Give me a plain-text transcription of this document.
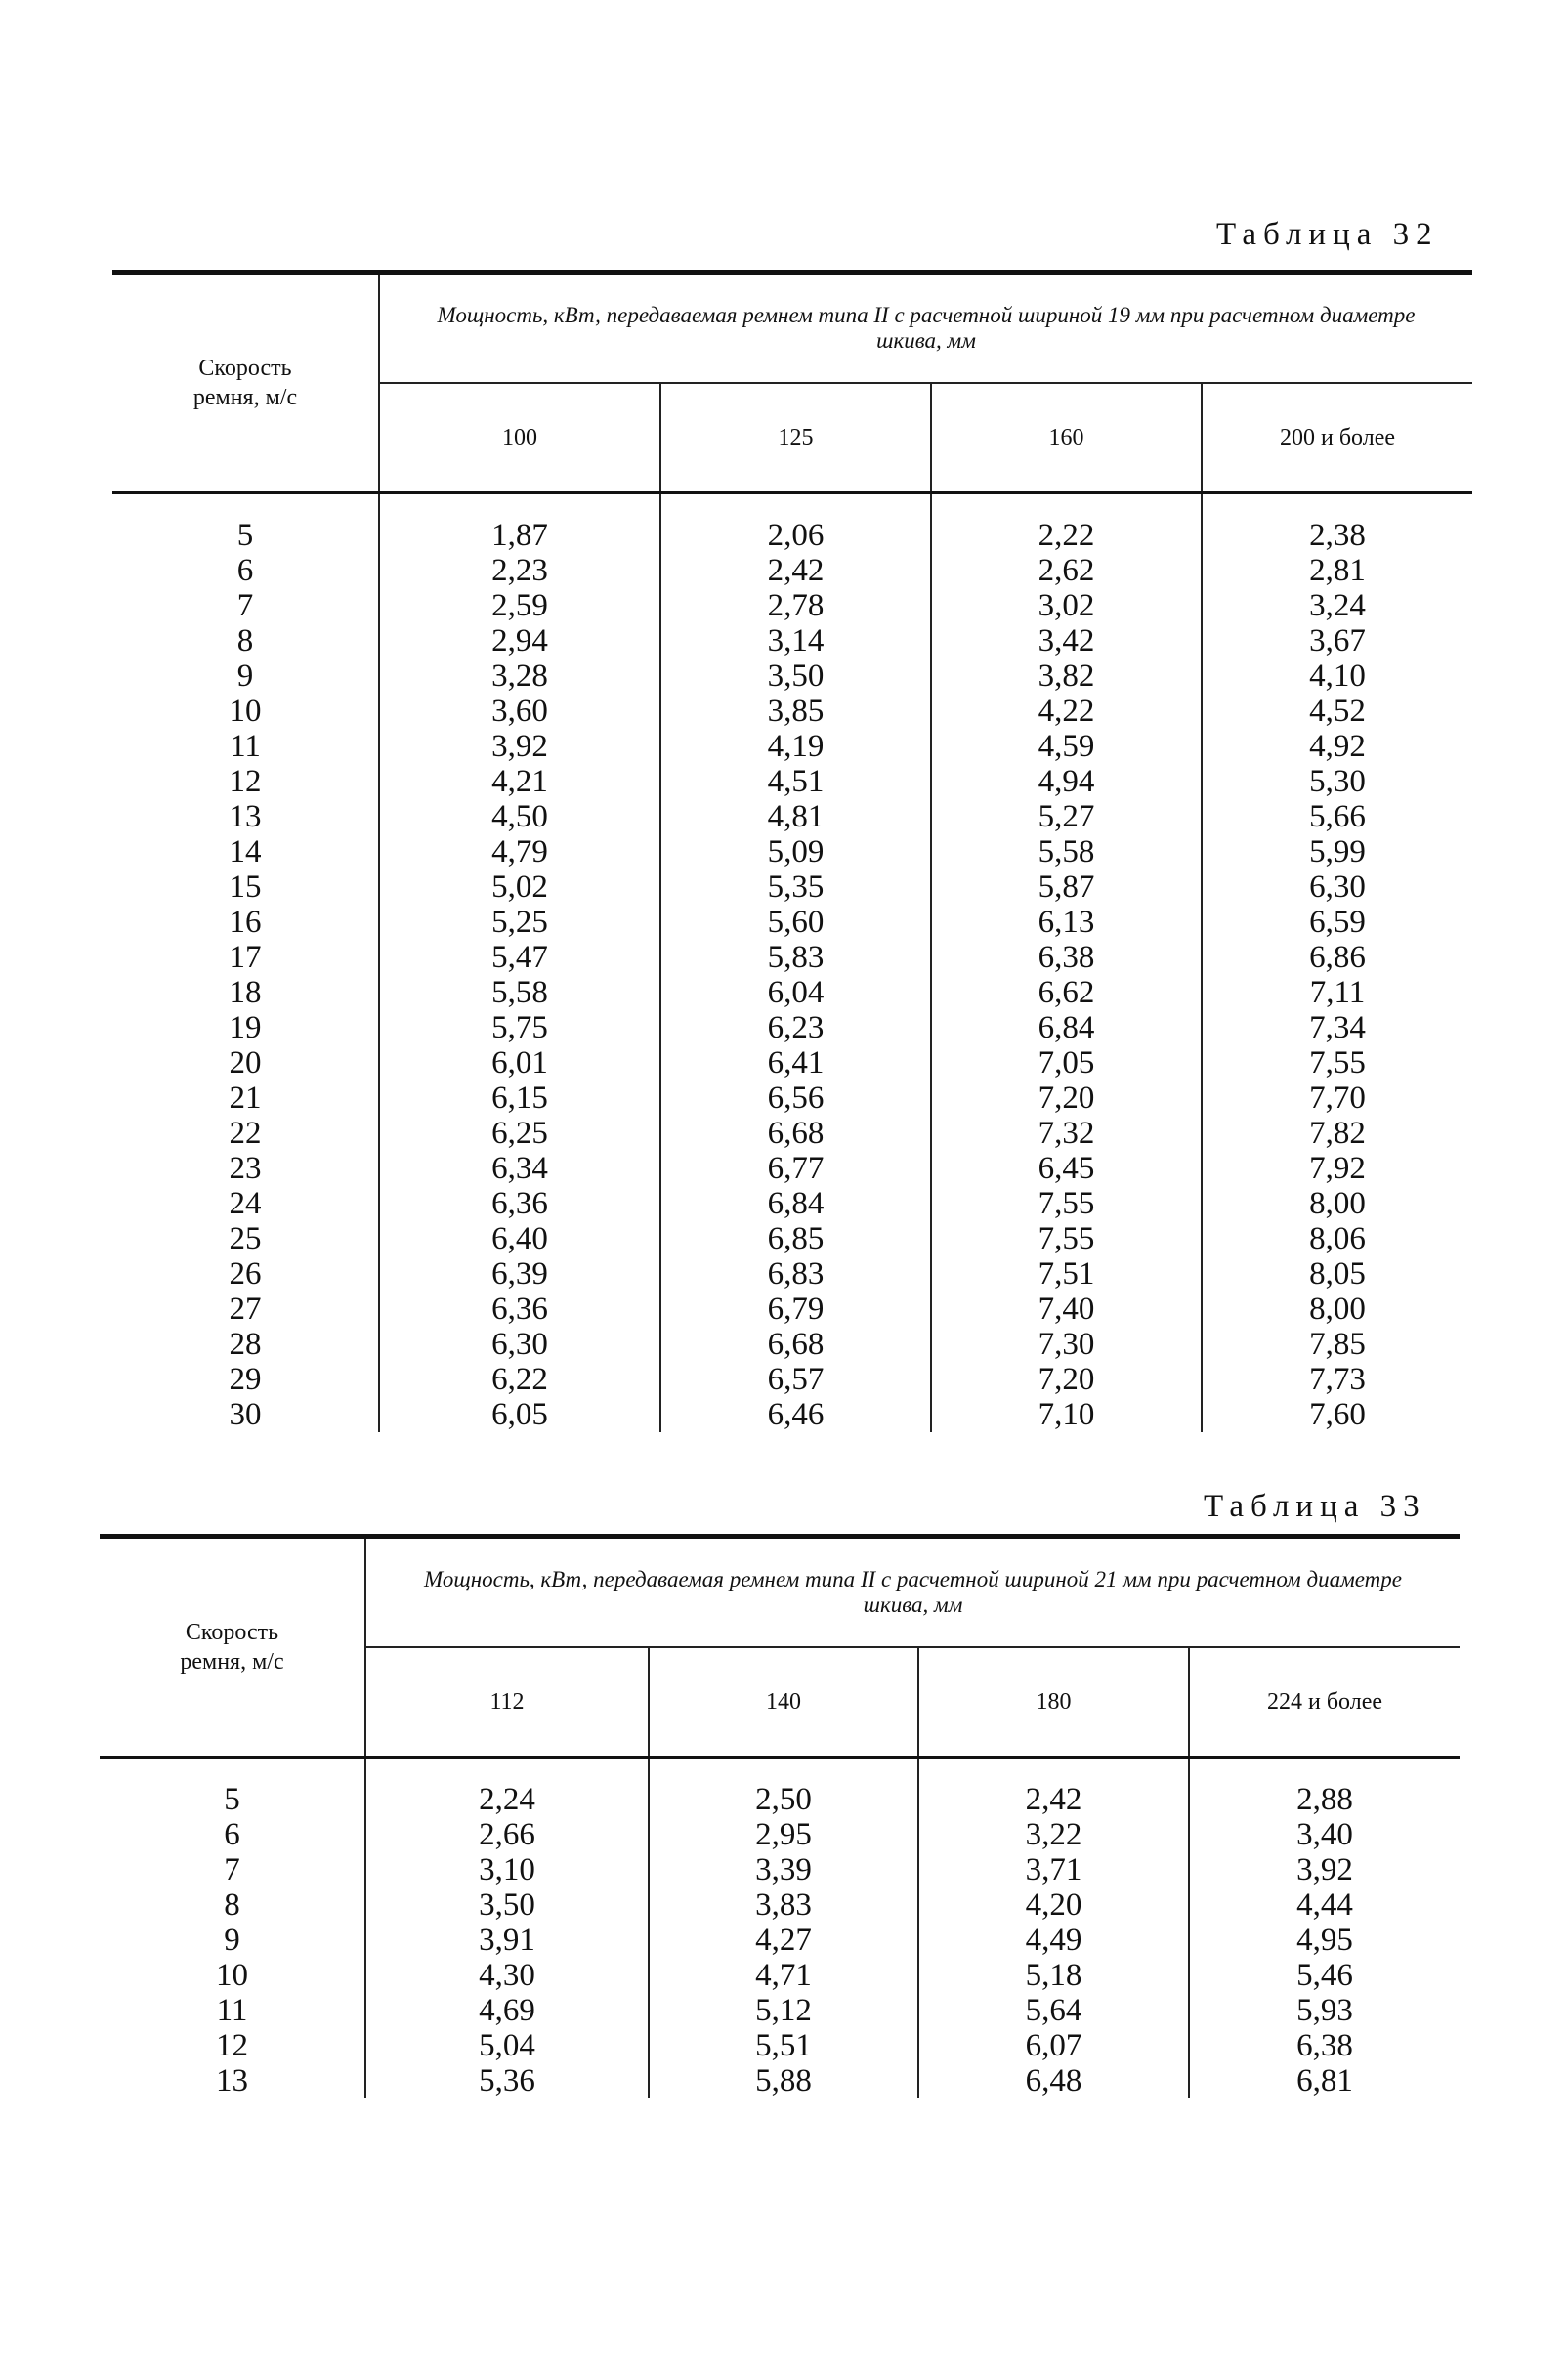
Таблица 32
Скорость ремня, м/с	Мощность, кВт, передаваемая ремнем типа II с расчетной шириной 19 мм при расчетном диаметре шкива, мм			
	100	125	160	200 и более
5	1,87	2,06	2,22	2,38
6	2,23	2,42	2,62	2,81
7	2,59	2,78	3,02	3,24
8	2,94	3,14	3,42	3,67
9	3,28	3,50	3,82	4,10
10	3,60	3,85	4,22	4,52
11	3,92	4,19	4,59	4,92
12	4,21	4,51	4,94	5,30
13	4,50	4,81	5,27	5,66
14	4,79	5,09	5,58	5,99
15	5,02	5,35	5,87	6,30
16	5,25	5,60	6,13	6,59
17	5,47	5,83	6,38	6,86
18	5,58	6,04	6,62	7,11
19	5,75	6,23	6,84	7,34
20	6,01	6,41	7,05	7,55
21	6,15	6,56	7,20	7,70
22	6,25	6,68	7,32	7,82
23	6,34	6,77	6,45	7,92
24	6,36	6,84	7,55	8,00
25	6,40	6,85	7,55	8,06
26	6,39	6,83	7,51	8,05
27	6,36	6,79	7,40	8,00
28	6,30	6,68	7,30	7,85
29	6,22	6,57	7,20	7,73
30	6,05	6,46	7,10	7,60
Таблица 33
Скорость ремня, м/с	Мощность, кВт, передаваемая ремнем типа II с расчетной шириной 21 мм при расчетном диаметре шкива, мм			
	112	140	180	224 и более
5	2,24	2,50	2,42	2,88
6	2,66	2,95	3,22	3,40
7	3,10	3,39	3,71	3,92
8	3,50	3,83	4,20	4,44
9	3,91	4,27	4,49	4,95
10	4,30	4,71	5,18	5,46
11	4,69	5,12	5,64	5,93
12	5,04	5,51	6,07	6,38
13	5,36	5,88	6,48	6,81
